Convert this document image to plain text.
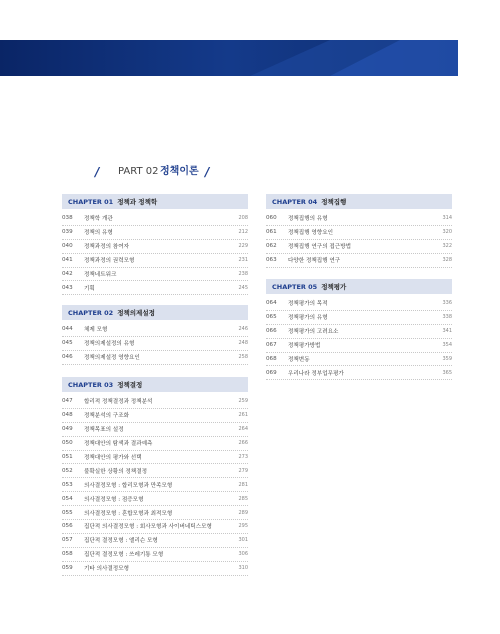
/ PART 02 정책이론 /
CHAPTER 01 정책과 정책학
038	정책학 개관	208
039	정책의 유형	212
040	정책과정의 참여자	229
041	정책과정의 권력모형	231
042	정책네트워크	238
043	기획	245
CHAPTER 02 정책의제설정
044	체제 모형	246
045	정책의제설정의 유형	248
046	정책의제설정 영향요인	258
CHAPTER 03 정책결정
047	합리적 정책결정과 정책분석	259
048	정책분석의 구조화	261
049	정책목표의 설정	264
050	정책대안의 탐색과 결과예측	266
051	정책대안의 평가와 선택	273
052	불확실한 상황의 정책결정	279
053	의사결정모형 : 합리모형과 만족모형	281
054	의사결정모형 : 점증모형	285
055	의사결정모형 : 혼합모형과 최적모형	289
056	집단적 의사결정모형 : 회사모형과 사이버네틱스모형	295
057	집단적 결정모형 : 앨리슨 모형	301
058	집단적 결정모형 : 쓰레기통 모형	306
059	기타 의사결정모형	310
CHAPTER 04 정책집행
060	정책집행의 유형	314
061	정책집행 영향요인	320
062	정책집행 연구의 접근방법	322
063	다양한 정책집행 연구	328
CHAPTER 05 정책평가
064	정책평가의 목적	336
065	정책평가의 유형	338
066	정책평가의 고려요소	341
067	정책평가방법	354
068	정책변동	359
069	우리나라 정부업무평가	365
